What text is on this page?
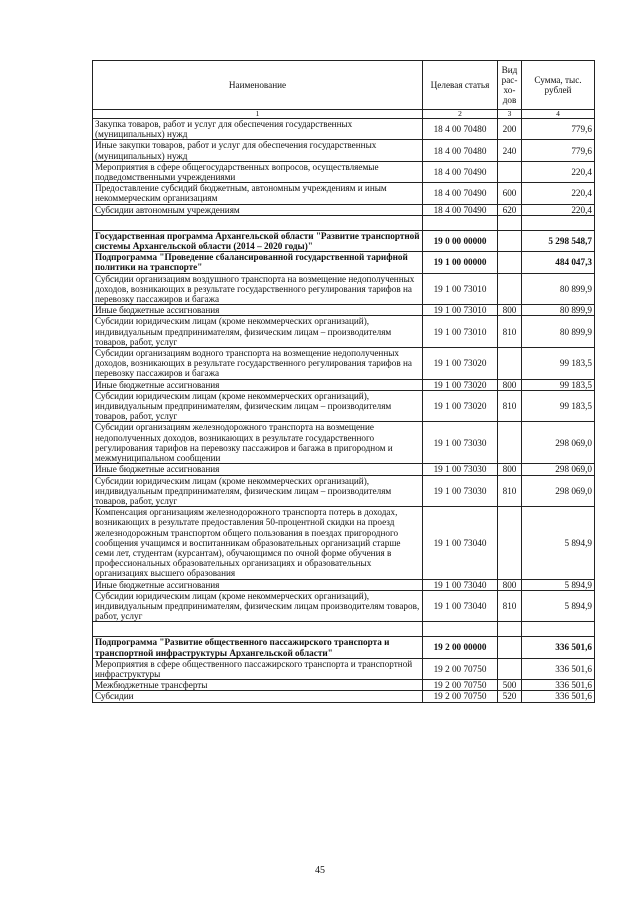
Наименование	Целевая статья	Вид рас-хо-дов	Сумма, тыс. рублей
1	2	3	4
Закупка товаров, работ и услуг для обеспечения государственных (муниципальных) нужд	18 4 00 70480	200	779,6
Иные закупки товаров, работ и услуг для обеспечения государственных (муниципальных) нужд	18 4 00 70480	240	779,6
Мероприятия в сфере общегосударственных вопросов, осуществляемые подведомственными учреждениями	18 4 00 70490		220,4
Предоставление субсидий бюджетным, автономным учреждениям и иным некоммерческим организациям	18 4 00 70490	600	220,4
Субсидии автономным учреждениям	18 4 00 70490	620	220,4

Государственная программа Архангельской области "Развитие транспортной системы Архангельской области (2014 – 2020 годы)"	19 0 00 00000		5 298 548,7
Подпрограмма "Проведение сбалансированной государственной тарифной политики на транспорте"	19 1 00 00000		484 047,3
Субсидии организациям воздушного транспорта на возмещение недополученных доходов, возникающих в результате государственного регулирования тарифов на перевозку пассажиров и багажа	19 1 00 73010		80 899,9
Иные бюджетные ассигнования	19 1 00 73010	800	80 899,9
Субсидии юридическим лицам (кроме некоммерческих организаций), индивидуальным предпринимателям, физическим лицам – производителям товаров, работ, услуг	19 1 00 73010	810	80 899,9
Субсидии организациям водного транспорта на возмещение недополученных доходов, возникающих в результате государственного регулирования тарифов на перевозку пассажиров и багажа	19 1 00 73020		99 183,5
Иные бюджетные ассигнования	19 1 00 73020	800	99 183,5
Субсидии юридическим лицам (кроме некоммерческих организаций), индивидуальным предпринимателям, физическим лицам – производителям товаров, работ, услуг	19 1 00 73020	810	99 183,5
Субсидии организациям железнодорожного транспорта на возмещение недополученных доходов, возникающих в результате государственного регулирования тарифов на перевозку пассажиров и багажа в пригородном и межмуниципальном сообщении	19 1 00 73030		298 069,0
Иные бюджетные ассигнования	19 1 00 73030	800	298 069,0
Субсидии юридическим лицам (кроме некоммерческих организаций), индивидуальным предпринимателям, физическим лицам – производителям товаров, работ, услуг	19 1 00 73030	810	298 069,0
Компенсация организациям железнодорожного транспорта потерь в доходах, возникающих в результате предоставления 50-процентной скидки на проезд железнодорожным транспортом общего пользования в поездах пригородного сообщения учащимся и воспитанникам образовательных организаций старше семи лет, студентам (курсантам), обучающимся по очной форме обучения в профессиональных образовательных организациях и образовательных организациях высшего образования	19 1 00 73040		5 894,9
Иные бюджетные ассигнования	19 1 00 73040	800	5 894,9
Субсидии юридическим лицам (кроме некоммерческих организаций), индивидуальным предпринимателям, физическим лицам производителям товаров, работ, услуг	19 1 00 73040	810	5 894,9

Подпрограмма "Развитие общественного пассажирского транспорта и транспортной инфраструктуры Архангельской области"	19 2 00 00000		336 501,6
Мероприятия в сфере общественного пассажирского транспорта и транспортной инфраструктуры	19 2 00 70750		336 501,6
Межбюджетные трансферты	19 2 00 70750	500	336 501,6
Субсидии	19 2 00 70750	520	336 501,6
45
